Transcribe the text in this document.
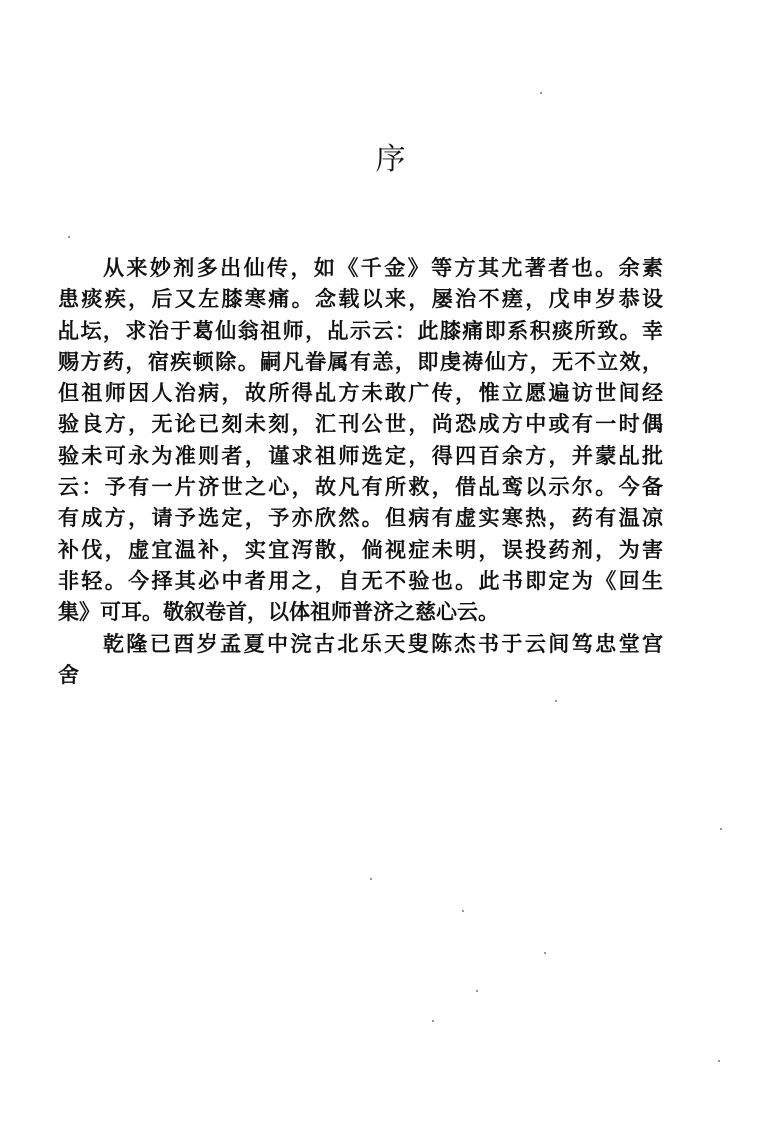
序
从来妙剂多出仙传，如《千金》等方其尤著者也。余素
患痰疾，后又左膝寒痛。念载以来，屡治不瘥，戊申岁恭设
乩坛，求治于葛仙翁祖师，乩示云：此膝痛即系积痰所致。幸
赐方药，宿疾顿除。嗣凡眷属有恙，即虔祷仙方，无不立效，
但祖师因人治病，故所得乩方未敢广传，惟立愿遍访世间经
验良方，无论已刻未刻，汇刊公世，尚恐成方中或有一时偶
验未可永为准则者，谨求祖师选定，得四百余方，并蒙乩批
云：予有一片济世之心，故凡有所救，借乩鸾以示尔。今备
有成方，请予选定，予亦欣然。但病有虚实寒热，药有温凉
补伐，虚宜温补，实宜泻散，倘视症未明，误投药剂，为害
非轻。今择其必中者用之，自无不验也。此书即定为《回生
集》可耳。敬叙卷首，以体祖师普济之慈心云。
乾隆已酉岁孟夏中浣古北乐天叟陈杰书于云间笃忠堂宫
舍
